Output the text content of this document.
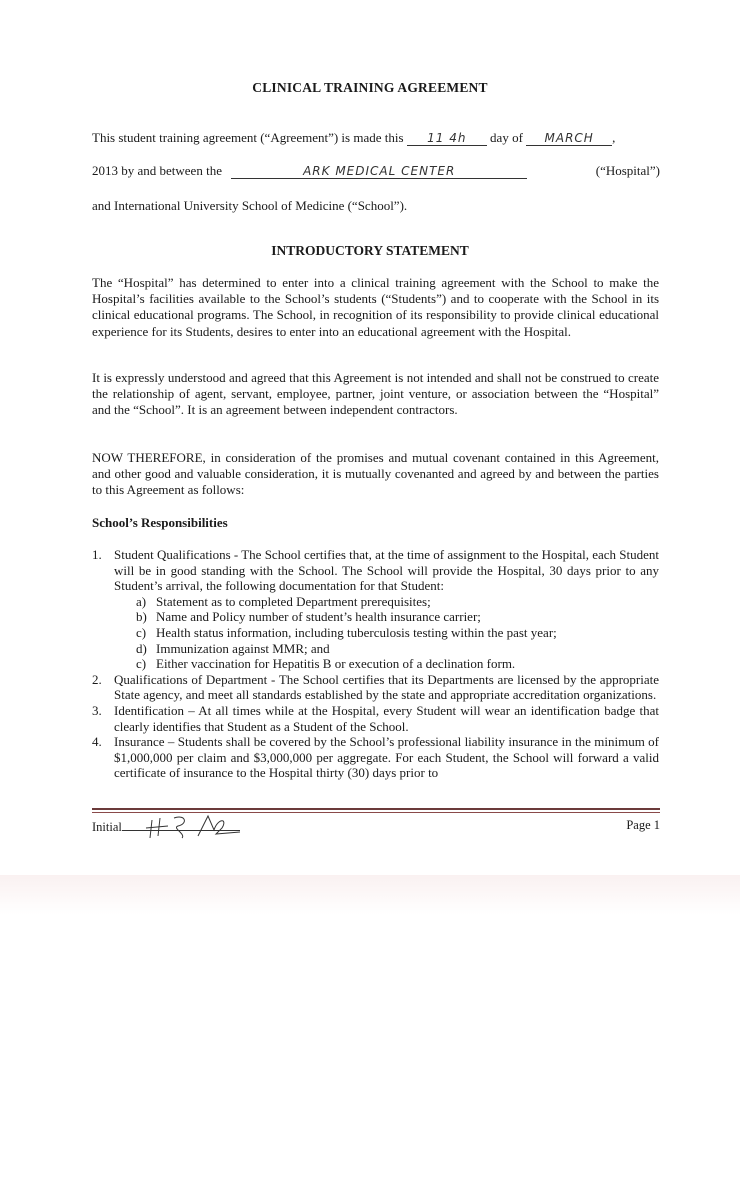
CLINICAL TRAINING AGREEMENT
This student training agreement (“Agreement”) is made this 11 4h day of MARCH ,
2013 by and between the	ARK MEDICAL CENTER	(“Hospital”)
and International University School of Medicine (“School”).
INTRODUCTORY STATEMENT
The “Hospital” has determined to enter into a clinical training agreement with the School to make the Hospital’s facilities available to the School’s students (“Students”) and to cooperate with the School in its clinical educational programs. The School, in recognition of its responsibility to provide clinical educational experience for its Students, desires to enter into an educational agreement with the Hospital.
It is expressly understood and agreed that this Agreement is not intended and shall not be construed to create the relationship of agent, servant, employee, partner, joint venture, or association between the “Hospital” and the “School”. It is an agreement between independent contractors.
NOW THEREFORE, in consideration of the promises and mutual covenant contained in this Agreement, and other good and valuable consideration, it is mutually covenanted and agreed by and between the parties to this Agreement as follows:
School’s Responsibilities
1. Student Qualifications - The School certifies that, at the time of assignment to the Hospital, each Student will be in good standing with the School. The School will provide the Hospital, 30 days prior to any Student’s arrival, the following documentation for that Student:
a) Statement as to completed Department prerequisites;
b) Name and Policy number of student’s health insurance carrier;
c) Health status information, including tuberculosis testing within the past year;
d) Immunization against MMR; and
c) Either vaccination for Hepatitis B or execution of a declination form.
2. Qualifications of Department - The School certifies that its Departments are licensed by the appropriate State agency, and meet all standards established by the state and appropriate accreditation organizations.
3. Identification – At all times while at the Hospital, every Student will wear an identification badge that clearly identifies that Student as a Student of the School.
4. Insurance – Students shall be covered by the School’s professional liability insurance in the minimum of $1,000,000 per claim and $3,000,000 per aggregate. For each Student, the School will forward a valid certificate of insurance to the Hospital thirty (30) days prior to
Initial	Page 1
